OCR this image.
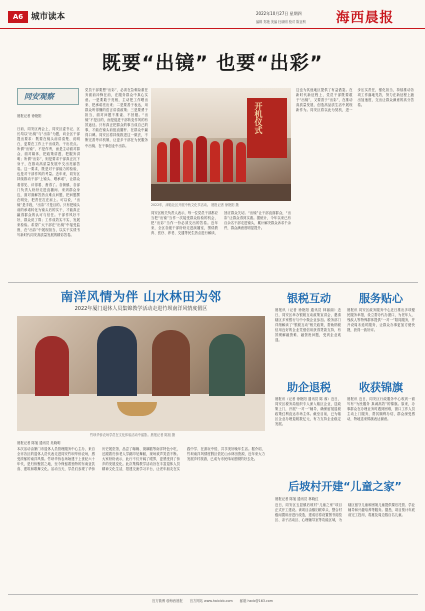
A6 城市读本	2022年10月27日 星期四
编辑 郑艳 美编 杜晓明 校对 陈亚利 海西晨报
既要“出镜” 也要“出彩”
同安观察
晨报记者 徐艳阳
日前，同安区两会上，同安区委书记、区长均以“出镜”与“出彩”为题，向全区干部提出要求：既要在镜头前讲清楚、说明白，更要在工作上干出成效、干出亮点。所谓“出镜”，不是作秀，而是主动面对群众、面对媒体，把政策讲透、把服务讲明；所谓“出彩”，则是要求干部真正沉下身子，在推动高质量发展中交出亮丽答卷。这一要求，既是对干部能力的检验，也是对干部作风的考量。近年来，同安区持续推动干部“上镜头、晒承诺”，让群众看得见、评得着、督得了。各街镇、各部门负责人纷纷走进直播间、来到群众身边，面对面解答热点难点问题，把问题摆在明处，把责任扛在肩上。可以说，“出镜”是手段，“出彩”才是目的。只有把镜头前的承诺转化为镜头后的实干，才能真正赢得群众的认可与信任。干部作风好不好，群众说了算；工作成效实不实，发展来检验。希望广大干部在“出镜”中接受监督，在“出彩”中展现担当，以实干实绩书写新时代同安高质量发展的精彩答卷。
党员干部要想“出彩”，必须在急难险重任务面前冲锋在前，在服务群众中真心实意。一是要敢于亮相，主动把工作晒出来、把承诺亮出来；二是要善于表达，用群众听得懂的语言讲清政策；三是要勇于担当，面对问题不推诿、不回避。“出镜”不是目的，而是促进干部转变作风的有效途径。只有真正把群众的事当成自己的事，才能在镜头前挺直腰杆、在群众中赢得口碑。同安区将持续推进这一做法，不断完善考评机制，让更多干部在为民服务中出镜、在干事创业中出彩。
开机仪式
2022年，津茹社区开展中秋文化节活动。 晨报记者 徐艳阳 摄
同安区相关负责人表示，每一位党员干部都应当把“出镜”当作一次接受群众检验的机会，把“出彩”当作一份必须交出的答卷。近年来，全区各级干部纷纷走进演播室，围绕教育、医疗、养老、交通等民生热点进行解读，回应群众关切。“出镜”让干部直面群众，“出彩”让群众得到实惠。据统计，今年以来已有百余名干部走进镜头，累计解决群众诉求千余件，群众满意度明显提升。
这也为其他地区提供了有益借鉴。在新时代新征程上，党员干部既要敢于“出镜”，又要善于“出彩”，在推动高质量发展、创造高品质生活中展现新作为。同安区将以此为契机，进一步压实责任，强化担当，持续推动各项工作落地见效，努力在新征程上跑出加速度，交出让群众满意的高分答卷。
南洋风情为伴 山水林田为邻
2022年厦门退休人员集锦教学活动走进竹坝南洋风情度假区
竹坝华侨农场学员在文化体验活动中留影。晨报记者 陈旭 摄
晨报记者 陈旭 通讯员 吴晓明
本次活动由厦门市退休人员管理服务中心主办，来自全市各区的退休人员代表走进同安竹坝华侨农场，感受浓郁的南洋风情。竹坝华侨农场始建于上世纪六十年代，是归侨聚居之地，至今保留着独特的东南亚饮食、建筑和歌舞文化。活动当天，学员们参观了华侨历史展览馆，品尝了咖喱、斑斓糕等南洋特色小吃，还跟着归侨老人学跳印尼舞蹈，现场欢声笑语不断。大家纷纷表示，此行不仅开阔了眼界，更感受到了侨乡的发展变化。此次集锦教学活动旨在丰富退休人员精神文化生活，搭建交流学习平台，让老年朋友在实践中学、在游玩中悟，共享美好晚年生活。据介绍，竹坝南洋风情度假区依托山水林田资源，近年来大力发展乡村旅游，已成为市民休闲度假的好去处。
银税互动
晨报讯（记者 徐艳阳 通讯员 林丽丽）近日，同安区举办银税互动政策宣讲会，邀请辖区多家银行与中小微企业参加。税务部门详细解读了“银税互动”相关政策，帮助纳税信用良好的企业凭借信用获得贷款支持，有效缓解融资难、融资贵问题，受到企业欢迎。
服务贴心
晨报讯 同安区政务服务中心近日推出多项便民服务举措，设立帮办代办窗口，为老年人、残疾人等特殊群体提供“一对一”陪同服务，并开设周末延时服务，让群众办事更加方便快捷，获得一致好评。
助企退税
晨报讯（记者 徐艳阳 通讯员 陈 蓉）近日，同安区税务局组织专人深入辖区企业，送政策上门，开展“一对一”辅导，确保留抵退税政策红利直达市场主体。截至目前，已为辖区企业办理退税数亿元，有力支持企业稳定发展。
收获锦旗
晨报讯 近日，同安区行政服务中心收到一面写有“为民服务 真诚高效”的锦旗。原来，办事群众在办理业务时遇到困难，窗口工作人员主动上门服务，帮其顺利办结，群众深受感动，特地送来锦旗表达谢意。
后坡村开建“儿童之家”
晨报记者 陈旭 通讯员 林晓红
近日，同安区五显镇后坡村“儿童之家”项目正式开工建设。该项目由镇妇联牵头，整合村级闲置用房进行改造，建成后将设置图书阅览区、亲子活动区、心理辅导室等功能区域，为辖区留守儿童和困境儿童提供课后托管、学业辅导和兴趣培养等服务。据悉，项目预计年底前完工投用，将惠及周边数百名儿童。
官方微博 @海西晨报 官方网站 www.haixicb.com 邮箱 hxcb@163.com
